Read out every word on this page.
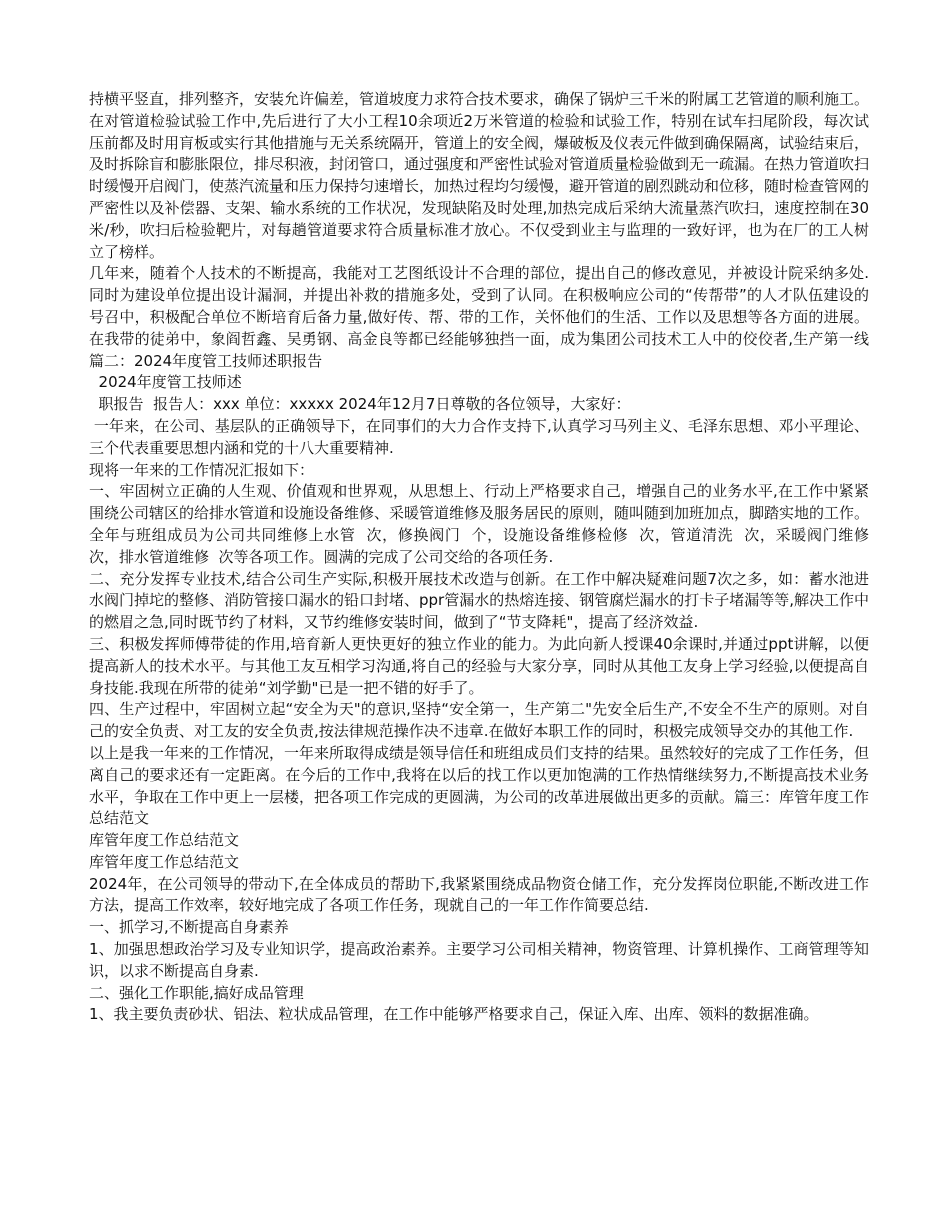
持横平竖直，排列整齐，安装允许偏差，管道坡度力求符合技术要求，确保了锅炉三千米的附属工艺管道的顺利施工。

在对管道检验试验工作中,先后进行了大小工程10余项近2万米管道的检验和试验工作，特别在试车扫尾阶段，每次试压前都及时用肓板或实行其他措施与无关系统隔开，管道上的安全阀，爆破板及仪表元件做到确保隔离，试验结束后，及时拆除盲和膨胀限位，排尽积液，封闭管口，通过强度和严密性试验对管道质量检验做到无一疏漏。在热力管道吹扫时缓慢开启阀门，使蒸汽流量和压力保持匀速增长，加热过程均匀缓慢，避开管道的剧烈跳动和位移，随时检查管网的严密性以及补偿器、支架、输水系统的工作状况，发现缺陷及时处理,加热完成后采纳大流量蒸汽吹扫，速度控制在30米/秒，吹扫后检验靶片，对每趟管道要求符合质量标准才放心。不仅受到业主与监理的一致好评，也为在厂的工人树立了榜样。

几年来，随着个人技术的不断提高，我能对工艺图纸设计不合理的部位，提出自己的修改意见，并被设计院采纳多处.同时为建设单位提出设计漏洞，并提出补救的措施多处，受到了认同。在积极响应公司的“传帮带”的人才队伍建设的号召中，积极配合单位不断培育后备力量,做好传、帮、带的工作，关怀他们的生活、工作以及思想等各方面的进展。在我带的徒弟中，象阎哲鑫、吴勇钢、高金良等都已经能够独挡一面，成为集团公司技术工人中的佼佼者,生产第一线篇二：2024年度管工技师述职报告

2024年度管工技师述

职报告  报告人：xxx 单位：xxxxx 2024年12月7日尊敬的各位领导，大家好：

一年来，在公司、基层队的正确领导下，在同事们的大力合作支持下,认真学习马列主义、毛泽东思想、邓小平理论、三个代表重要思想内涵和党的十八大重要精神.

现将一年来的工作情况汇报如下：

一、牢固树立正确的人生观、价值观和世界观，从思想上、行动上严格要求自己，增强自己的业务水平,在工作中紧紧围绕公司辖区的给排水管道和设施设备维修、采暖管道维修及服务居民的原则，随叫随到加班加点，脚踏实地的工作。全年与班组成员为公司共同维修上水管  次，修换阀门  个，设施设备维修检修  次，管道清洗  次，采暖阀门维修  次，排水管道维修  次等各项工作。圆满的完成了公司交给的各项任务.

二、充分发挥专业技术,结合公司生产实际,积极开展技术改造与创新。在工作中解决疑难问题7次之多，如：蓄水池进水阀门掉坨的整修、消防管接口漏水的铅口封堵、ppr管漏水的热熔连接、钢管腐烂漏水的打卡子堵漏等等,解决工作中的燃眉之急,同时既节约了材料，又节约维修安装时间，做到了“节支降耗"，提高了经济效益.

三、积极发挥师傅带徒的作用,培育新人更快更好的独立作业的能力。为此向新人授课40余课时,并通过ppt讲解，以便提高新人的技术水平。与其他工友互相学习沟通,将自己的经验与大家分享，同时从其他工友身上学习经验,以便提高自身技能.我现在所带的徒弟“刘学勤"已是一把不错的好手了。

四、生产过程中，牢固树立起“安全为天"的意识,坚持“安全第一，生产第二"先安全后生产,不安全不生产的原则。对自己的安全负责、对工友的安全负责,按法律规范操作决不违章.在做好本职工作的同时，积极完成领导交办的其他工作.

以上是我一年来的工作情况，一年来所取得成绩是领导信任和班组成员们支持的结果。虽然较好的完成了工作任务，但离自己的要求还有一定距离。在今后的工作中,我将在以后的找工作以更加饱满的工作热情继续努力,不断提高技术业务水平，争取在工作中更上一层楼，把各项工作完成的更圆满，为公司的改革进展做出更多的贡献。篇三：库管年度工作总结范文

库管年度工作总结范文

库管年度工作总结范文

2024年，在公司领导的带动下,在全体成员的帮助下,我紧紧围绕成品物资仓储工作，充分发挥岗位职能,不断改进工作方法，提高工作效率，较好地完成了各项工作任务，现就自己的一年工作作简要总结.

一、抓学习,不断提高自身素养

1、加强思想政治学习及专业知识学，提高政治素养。主要学习公司相关精神，物资管理、计算机操作、工商管理等知识，以求不断提高自身素.

二、强化工作职能,搞好成品管理

1、我主要负责砂状、铝法、粒状成品管理，在工作中能够严格要求自己，保证入库、出库、领料的数据准确。
